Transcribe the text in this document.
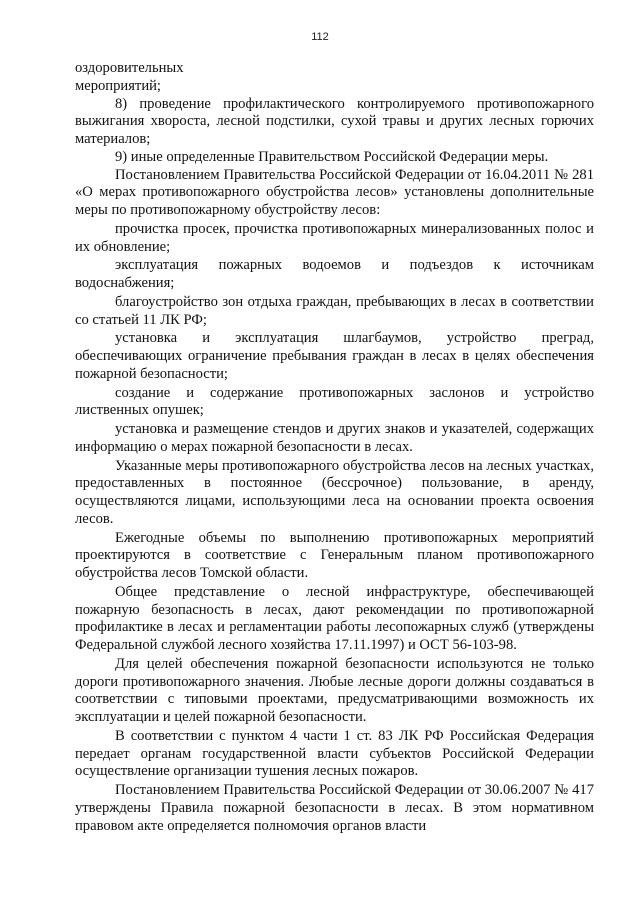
112

оздоровительных мероприятий;

8) проведение профилактического контролируемого противопожарного выжигания хвороста, лесной подстилки, сухой травы и других лесных горючих материалов;

9) иные определенные Правительством Российской Федерации меры.

Постановлением Правительства Российской Федерации от 16.04.2011 № 281 «О мерах противопожарного обустройства лесов» установлены дополнительные меры по противопожарному обустройству лесов:

прочистка просек, прочистка противопожарных минерализованных полос и их обновление;

эксплуатация пожарных водоемов и подъездов к источникам водоснабжения;

благоустройство зон отдыха граждан, пребывающих в лесах в соответствии со статьей 11 ЛК РФ;

установка и эксплуатация шлагбаумов, устройство преград, обеспечивающих ограничение пребывания граждан в лесах в целях обеспечения пожарной безопасности;

создание и содержание противопожарных заслонов и устройство лиственных опушек;

установка и размещение стендов и других знаков и указателей, содержащих информацию о мерах пожарной безопасности в лесах.

Указанные меры противопожарного обустройства лесов на лесных участках, предоставленных в постоянное (бессрочное) пользование, в аренду, осуществляются лицами, использующими леса на основании проекта освоения лесов.

Ежегодные объемы по выполнению противопожарных мероприятий проектируются в соответствие с Генеральным планом противопожарного обустройства лесов Томской области.

Общее представление о лесной инфраструктуре, обеспечивающей пожарную безопасность в лесах, дают рекомендации по противопожарной профилактике в лесах и регламентации работы лесопожарных служб (утверждены Федеральной службой лесного хозяйства 17.11.1997) и ОСТ 56-103-98.

Для целей обеспечения пожарной безопасности используются не только дороги противопожарного значения. Любые лесные дороги должны создаваться в соответствии с типовыми проектами, предусматривающими возможность их эксплуатации и целей пожарной безопасности.

В соответствии с пунктом 4 части 1 ст. 83 ЛК РФ Российская Федерация передает органам государственной власти субъектов Российской Федерации осуществление организации тушения лесных пожаров.

Постановлением Правительства Российской Федерации от 30.06.2007 № 417 утверждены Правила пожарной безопасности в лесах. В этом нормативном правовом акте определяется полномочия органов власти
